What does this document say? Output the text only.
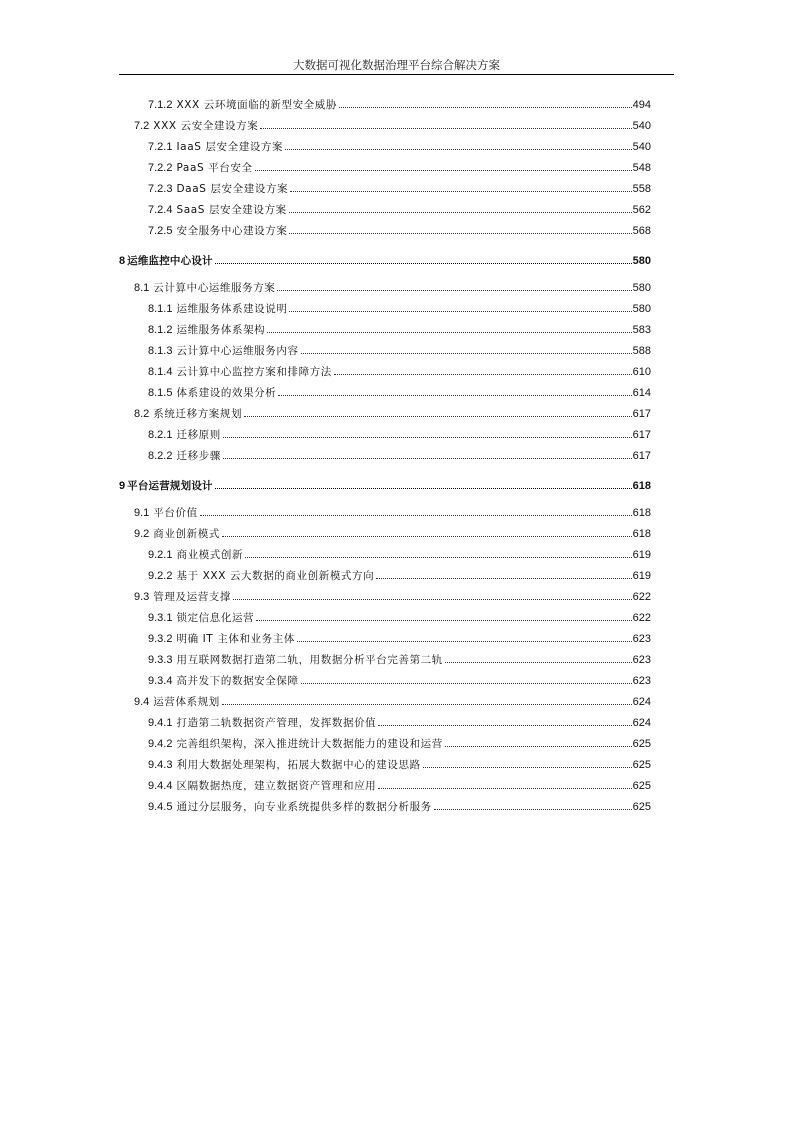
大数据可视化数据治理平台综合解决方案
7.1.2 XXX 云环境面临的新型安全威胁	494
7.2 XXX 云安全建设方案	540
7.2.1 IaaS 层安全建设方案	540
7.2.2 PaaS 平台安全	548
7.2.3 DaaS 层安全建设方案	558
7.2.4 SaaS 层安全建设方案	562
7.2.5 安全服务中心建设方案	568
8 运维监控中心设计	580
8.1 云计算中心运维服务方案	580
8.1.1 运维服务体系建设说明	580
8.1.2 运维服务体系架构	583
8.1.3 云计算中心运维服务内容	588
8.1.4 云计算中心监控方案和排障方法	610
8.1.5 体系建设的效果分析	614
8.2 系统迁移方案规划	617
8.2.1 迁移原则	617
8.2.2 迁移步骤	617
9 平台运营规划设计	618
9.1 平台价值	618
9.2 商业创新模式	618
9.2.1 商业模式创新	619
9.2.2 基于 XXX 云大数据的商业创新模式方向	619
9.3 管理及运营支撑	622
9.3.1 锁定信息化运营	622
9.3.2 明确 IT 主体和业务主体	623
9.3.3 用互联网数据打造第二轨，用数据分析平台完善第二轨	623
9.3.4 高并发下的数据安全保障	623
9.4 运营体系规划	624
9.4.1 打造第二轨数据资产管理，发挥数据价值	624
9.4.2 完善组织架构，深入推进统计大数据能力的建设和运营	625
9.4.3 利用大数据处理架构，拓展大数据中心的建设思路	625
9.4.4 区隔数据热度，建立数据资产管理和应用	625
9.4.5 通过分层服务，向专业系统提供多样的数据分析服务	625
